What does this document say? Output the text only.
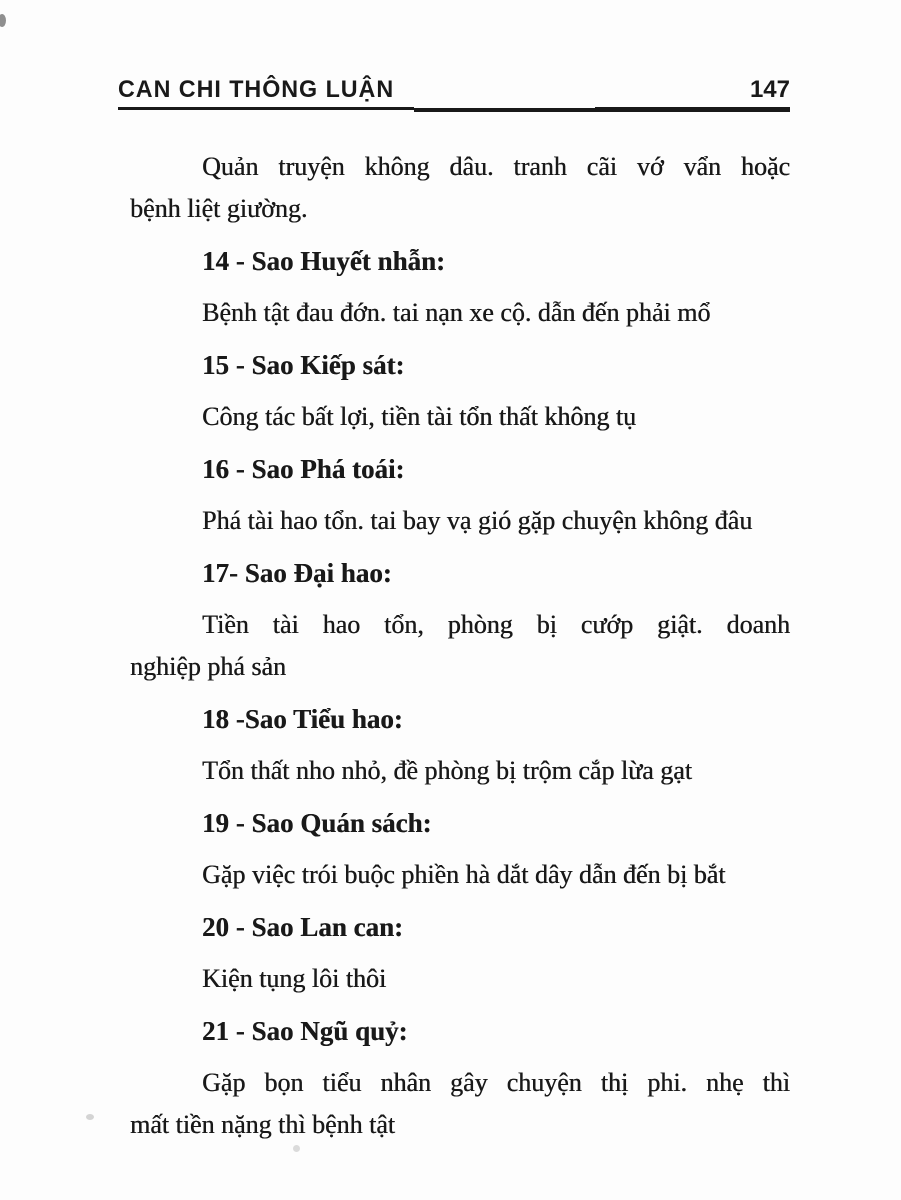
CAN CHI THÔNG LUẬN	147
Quản truyện không dâu. tranh cãi vớ vẩn hoặc
bệnh liệt giường.
14 - Sao Huyết nhẫn:
Bệnh tật đau đớn. tai nạn xe cộ. dẫn đến phải mổ
15 - Sao Kiếp sát:
Công tác bất lợi, tiền tài tổn thất không tụ
16 - Sao Phá toái:
Phá tài hao tổn. tai bay vạ gió gặp chuyện không đâu
17- Sao Đại hao:
Tiền tài hao tổn, phòng bị cướp giật. doanh
nghiệp phá sản
18 -Sao Tiểu hao:
Tổn thất nho nhỏ, đề phòng bị trộm cắp lừa gạt
19 - Sao Quán sách:
Gặp việc trói buộc phiền hà dắt dây dẫn đến bị bắt
20 - Sao Lan can:
Kiện tụng lôi thôi
21 - Sao Ngũ quỷ:
Gặp bọn tiểu nhân gây chuyện thị phi. nhẹ thì
mất tiền nặng thì bệnh tật
